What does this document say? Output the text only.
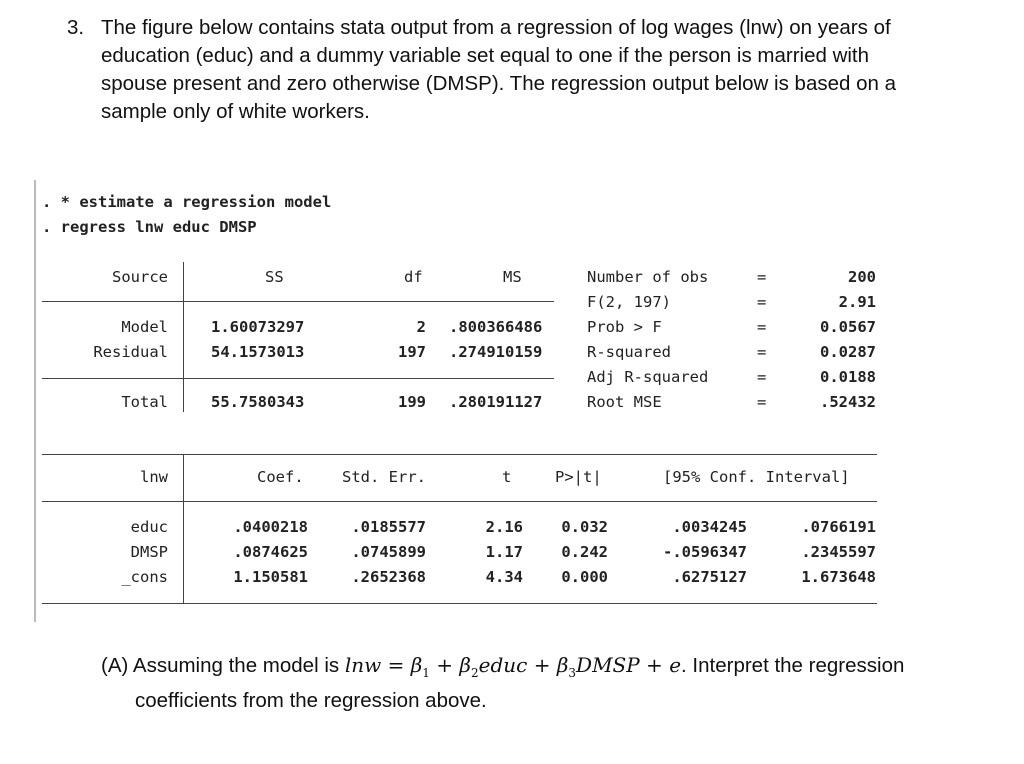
3. The figure below contains stata output from a regression of log wages (lnw) on years of
education (educ) and a dummy variable set equal to one if the person is married with
spouse present and zero otherwise (DMSP). The regression output below is based on a
sample only of white workers.
. * estimate a regression model
. regress lnw educ DMSP
Source	SS	df	MS
Model	1.60073297	2 .800366486
Residual	54.1573013	197 .274910159
Total	55.7580343	199 .280191127
Number of obs	=	200
F(2, 197)	=	2.91
Prob > F	=	0.0567
R-squared	=	0.0287
Adj R-squared	=	0.0188
Root MSE	=	.52432
lnw	Coef. Std. Err.	t	P>|t|	[95% Conf. Interval]
educ	.0400218	.0185577	2.16	0.032	.0034245	.0766191
DMSP	.0874625	.0745899	1.17	0.242	-.0596347	.2345597
_cons	1.150581	.2652368	4.34	0.000	.6275127	1.673648
(A) Assuming the model is $\ln w = \beta_1$ + $\beta_2educ$ + $\beta_3DMSP + e$. Interpret the regression
coefficients from the regression above.
